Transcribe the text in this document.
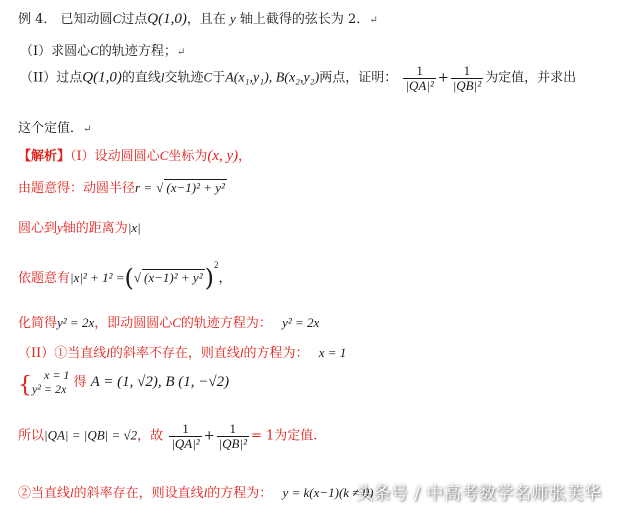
例 4． 已知动圆C过点Q(1,0)，且在 y 轴上截得的弦长为 2．↵
（I）求圆心C的轨迹方程；↵
（II）过点Q(1,0)的直线l交轨迹C于A(x₁,y₁), B(x₂,y₂)两点，证明： $\frac{1}{\text{|QA|²}} + \frac{1}{\text{|QB|²}}$ 为定值，并求出
这个定值．↵
【解析】（I）设动圆圆心C坐标为(x, y)，
由题意得：动圆半径r = √ (x−1)² + y²
圆心到y轴的距离为|x|
依题意有|x|² + 1² =(√ (x−1)² + y²)$^2$，
化简得y² = 2x，即动圆圆心C的轨迹方程为： y² = 2x
（II）①当直线l的斜率不存在，则直线l的方程为： x = 1
{	x = 1
y² = 2x 得 A = (1, √2), B (1, −√2)
所以|QA| = |QB| = √2，故 $\frac{1}{\text{|QA|²}} + \frac{1}{\text{|QB|²}} = 1$为定值.
②当直线l的斜率存在，则设直线l的方程为： y = k(x−1)(k ≠ 0)
头条号 / 中高考数学名师张芙华
